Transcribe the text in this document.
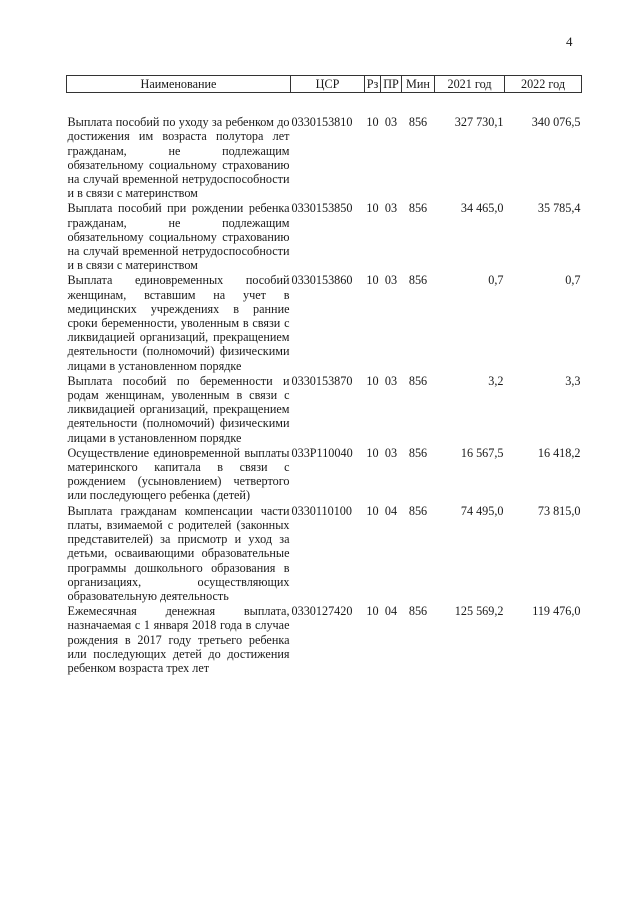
4
Наименование	ЦСР	Рз	ПР	Мин	2021 год	2022 год
Выплата пособий по уходу за ребенком до достижения им возраста полутора лет гражданам, не подлежащим обязательному социальному страхованию на случай временной нетрудоспособности и в связи с материнством	0330153810	10	03	856	327 730,1	340 076,5
Выплата пособий при рождении ребенка гражданам, не подлежащим обязательному социальному страхованию на случай временной нетрудоспособности и в связи с материнством	0330153850	10	03	856	34 465,0	35 785,4
Выплата единовременных пособий женщинам, вставшим на учет в медицинских учреждениях в ранние сроки беременности, уволенным в связи с ликвидацией организаций, прекращением деятельности (полномочий) физическими лицами в установленном порядке	0330153860	10	03	856	0,7	0,7
Выплата пособий по беременности и родам женщинам, уволенным в связи с ликвидацией организаций, прекращением деятельности (полномочий) физическими лицами в установленном порядке	0330153870	10	03	856	3,2	3,3
Осуществление единовременной выплаты материнского капитала в связи с рождением (усыновлением) четвертого или последующего ребенка (детей)	033Р110040	10	03	856	16 567,5	16 418,2
Выплата гражданам компенсации части платы, взимаемой с родителей (законных представителей) за присмотр и уход за детьми, осваивающими образовательные программы дошкольного образования в организациях, осуществляющих образовательную деятельность	0330110100	10	04	856	74 495,0	73 815,0
Ежемесячная денежная выплата, назначаемая с 1 января 2018 года в случае рождения в 2017 году третьего ребенка или последующих детей до достижения ребенком возраста трех лет	0330127420	10	04	856	125 569,2	119 476,0
